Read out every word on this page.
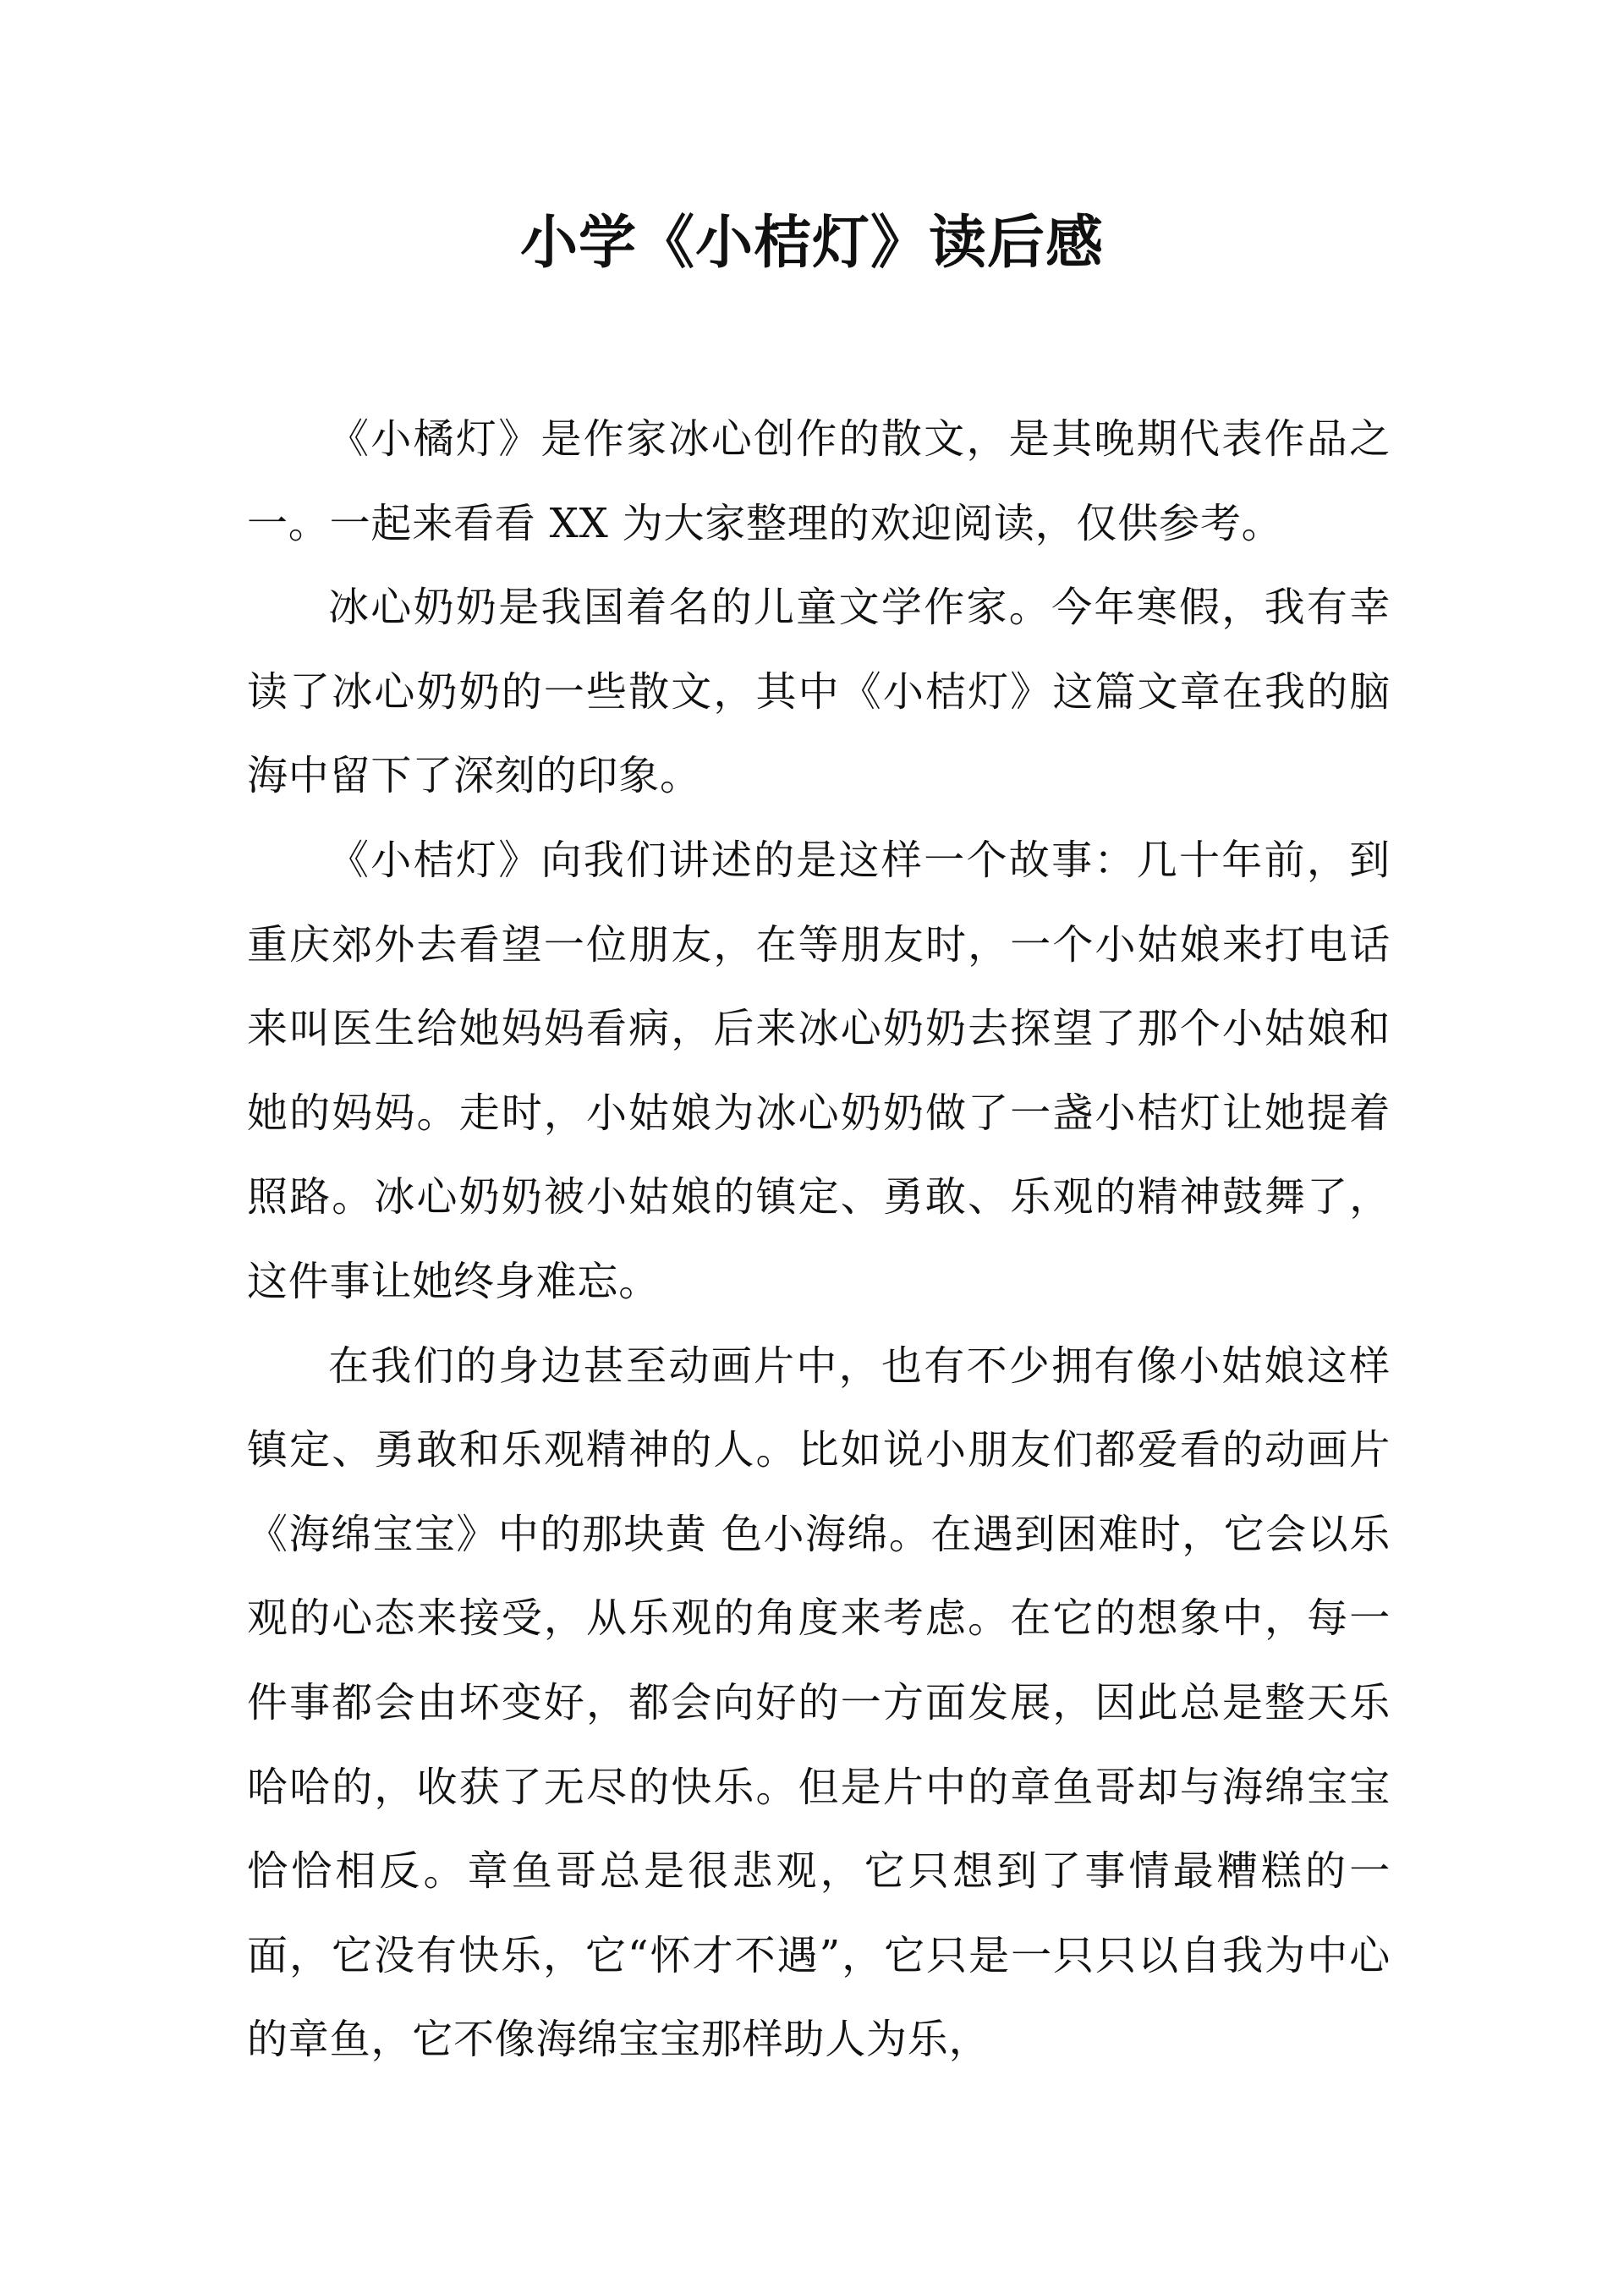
小学《小桔灯》读后感

《小橘灯》是作家冰心创作的散文，是其晚期代表作品之一。一起来看看 XX 为大家整理的欢迎阅读，仅供参考。

冰心奶奶是我国着名的儿童文学作家。今年寒假，我有幸读了冰心奶奶的一些散文，其中《小桔灯》这篇文章在我的脑海中留下了深刻的印象。

《小桔灯》向我们讲述的是这样一个故事：几十年前，到重庆郊外去看望一位朋友，在等朋友时，一个小姑娘来打电话来叫医生给她妈妈看病，后来冰心奶奶去探望了那个小姑娘和她的妈妈。走时，小姑娘为冰心奶奶做了一盏小桔灯让她提着照路。冰心奶奶被小姑娘的镇定、勇敢、乐观的精神鼓舞了，这件事让她终身难忘。

在我们的身边甚至动画片中，也有不少拥有像小姑娘这样镇定、勇敢和乐观精神的人。比如说小朋友们都爱看的动画片《海绵宝宝》中的那块黄 色小海绵。在遇到困难时，它会以乐观的心态来接受，从乐观的角度来考虑。在它的想象中，每一件事都会由坏变好，都会向好的一方面发展，因此总是整天乐哈哈的，收获了无尽的快乐。但是片中的章鱼哥却与海绵宝宝恰恰相反。章鱼哥总是很悲观，它只想到了事情最糟糕的一面，它没有快乐，它“怀才不遇”，它只是一只只以自我为中心的章鱼，它不像海绵宝宝那样助人为乐，
